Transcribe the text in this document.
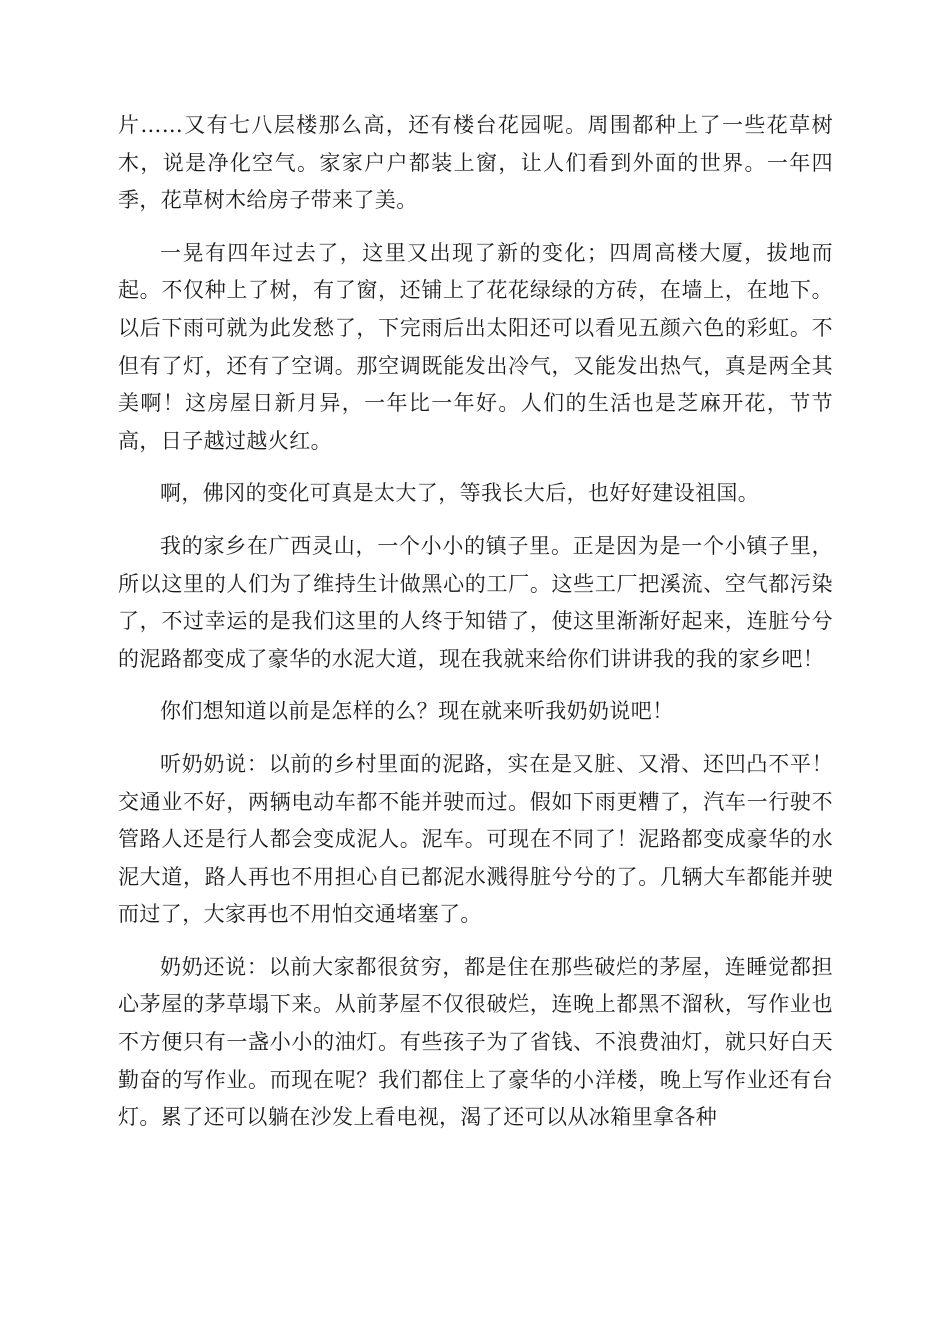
片……又有七八层楼那么高，还有楼台花园呢。周围都种上了一些花草树木，说是净化空气。家家户户都装上窗，让人们看到外面的世界。一年四季，花草树木给房子带来了美。

一晃有四年过去了，这里又出现了新的变化；四周高楼大厦，拔地而起。不仅种上了树，有了窗，还铺上了花花绿绿的方砖，在墙上，在地下。以后下雨可就为此发愁了，下完雨后出太阳还可以看见五颜六色的彩虹。不但有了灯，还有了空调。那空调既能发出冷气，又能发出热气，真是两全其美啊！这房屋日新月异，一年比一年好。人们的生活也是芝麻开花，节节高，日子越过越火红。

啊，佛冈的变化可真是太大了，等我长大后，也好好建设祖国。

我的家乡在广西灵山，一个小小的镇子里。正是因为是一个小镇子里，所以这里的人们为了维持生计做黑心的工厂。这些工厂把溪流、空气都污染了，不过幸运的是我们这里的人终于知错了，使这里渐渐好起来，连脏兮兮的泥路都变成了豪华的水泥大道，现在我就来给你们讲讲我的我的家乡吧！

你们想知道以前是怎样的么？现在就来听我奶奶说吧！

听奶奶说：以前的乡村里面的泥路，实在是又脏、又滑、还凹凸不平！交通业不好，两辆电动车都不能并驶而过。假如下雨更糟了，汽车一行驶不管路人还是行人都会变成泥人。泥车。可现在不同了！泥路都变成豪华的水泥大道，路人再也不用担心自已都泥水溅得脏兮兮的了。几辆大车都能并驶而过了，大家再也不用怕交通堵塞了。

奶奶还说：以前大家都很贫穷，都是住在那些破烂的茅屋，连睡觉都担心茅屋的茅草塌下来。从前茅屋不仅很破烂，连晚上都黑不溜秋，写作业也不方便只有一盏小小的油灯。有些孩子为了省钱、不浪费油灯，就只好白天勤奋的写作业。而现在呢？我们都住上了豪华的小洋楼，晚上写作业还有台灯。累了还可以躺在沙发上看电视，渴了还可以从冰箱里拿各种
